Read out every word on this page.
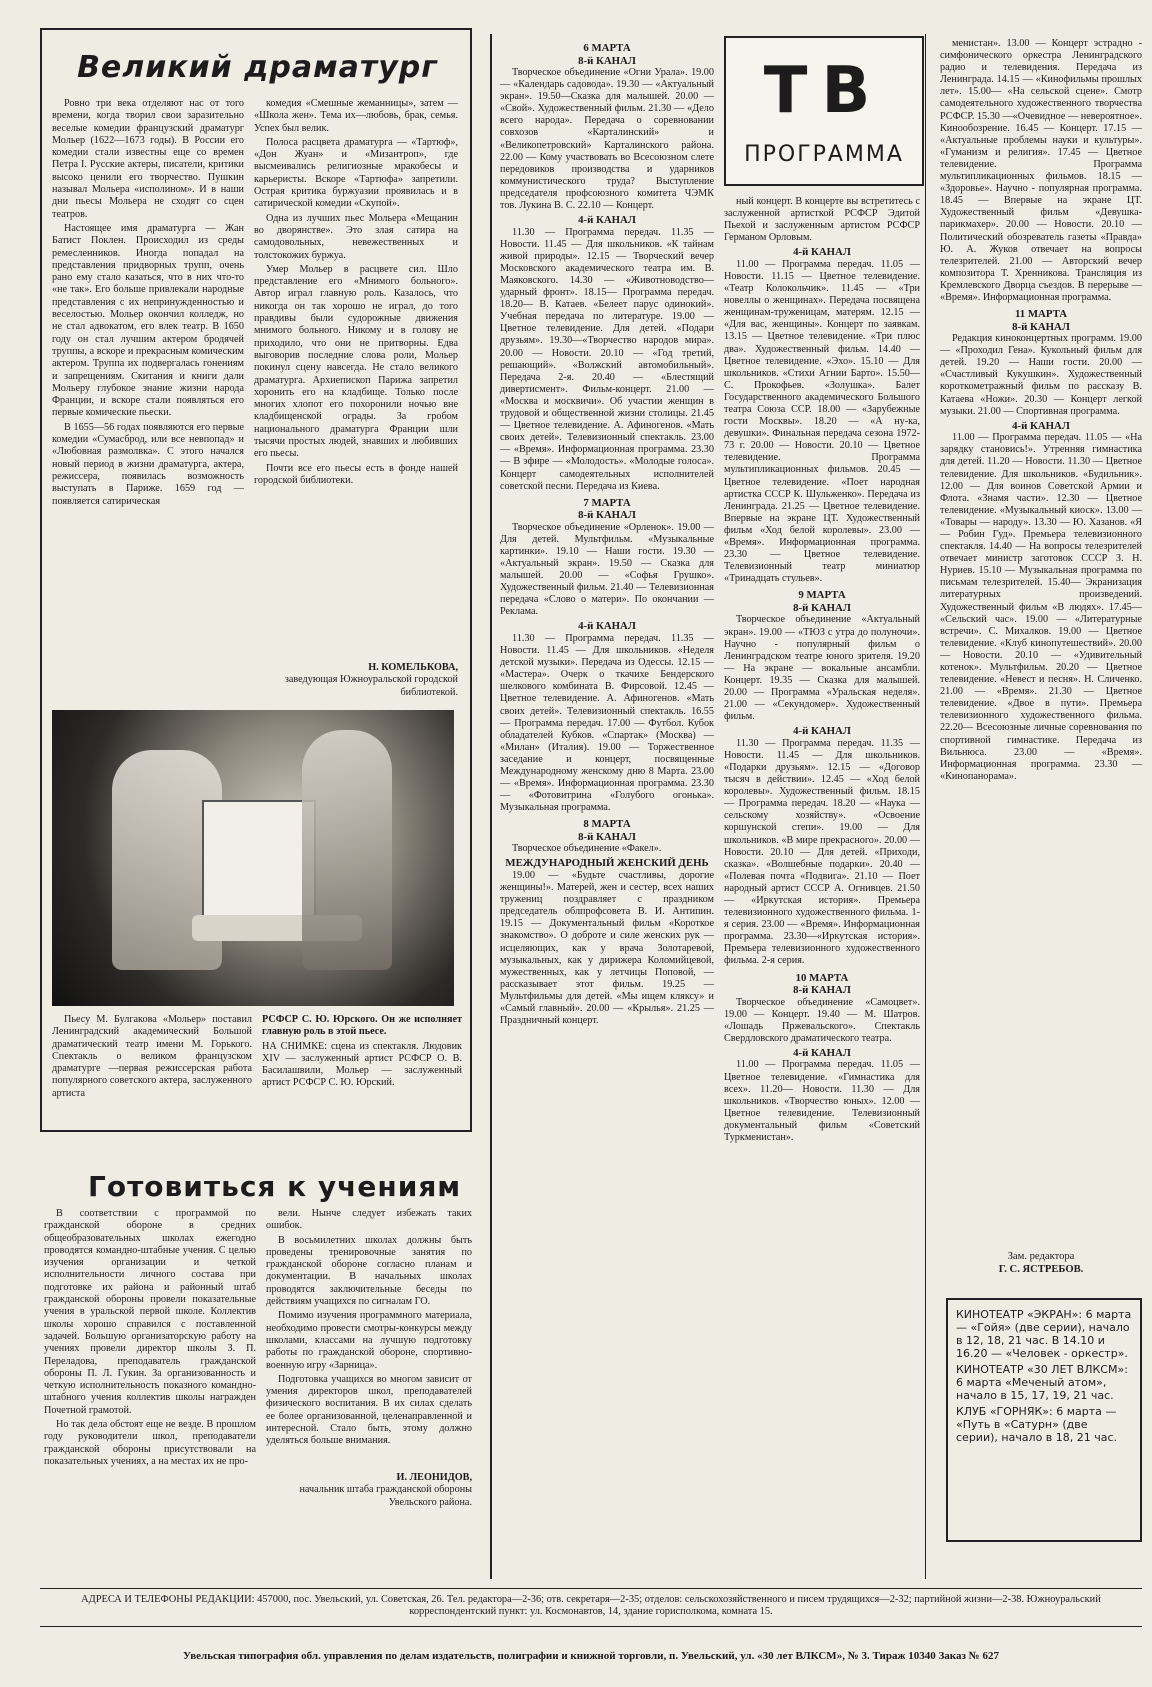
Великий драматург

Ровно три века отделяют нас от того времени, когда творил свои заразительно веселые комедии французский драматург Мольер (1622—1673 годы). В России его комедии стали известны еще со времен Петра I. Русские актеры, писатели, критики высоко ценили его творчество. Пушкин называл Мольера «исполином». И в наши дни пьесы Мольера не сходят со сцен театров.

Настоящее имя драматурга — Жан Батист Поклен. Происходил из среды ремесленников. Иногда попадал на представления придворных трупп, очень рано ему стало казаться, что в них что-то «не так». Его больше привлекали народные представления с их непринужденностью и веселостью. Мольер окончил колледж, но не стал адвокатом, его влек театр. В 1650 году он стал лучшим актером бродячей труппы, а вскоре и прекрасным комическим актером. Труппа их подвергалась гонениям и запрещениям. Скитания и книги дали Мольеру глубокое знание жизни народа Франции, и вскоре стали появляться его первые комические пьески.

В 1655—56 годах появляются его первые комедии «Сумасброд, или все невпопад» и «Любовная размолвка». С этого начался новый период в жизни драматурга, актера, режиссера, появилась возможность выступать в Париже. 1659 год — появляется сатирическая

комедия «Смешные жеманницы», затем — «Школа жен». Тема их—любовь, брак, семья. Успех был велик.

Полоса расцвета драматурга — «Тартюф», «Дон Жуан» и «Мизантроп», где высмеивались религиозные мракобесы и карьеристы. Вскоре «Тартюфа» запретили. Острая критика буржуазии проявилась и в сатирической комедии «Скупой».

Одна из лучших пьес Мольера «Мещанин во дворянстве». Это злая сатира на самодовольных, невежественных и толстокожих буржуа.

Умер Мольер в расцвете сил. Шло представление его «Мнимого больного». Автор играл главную роль. Казалось, что никогда он так хорошо не играл, до того правдивы были судорожные движения мнимого больного. Никому и в голову не приходило, что они не притворны. Едва выговорив последние слова роли, Мольер покинул сцену навсегда. Не стало великого драматурга. Архиепископ Парижа запретил хоронить его на кладбище. Только после многих хлопот его похоронили ночью вне кладбищенской ограды. За гробом национального драматурга Франции шли тысячи простых людей, знавших и любивших его пьесы.

Почти все его пьесы есть в фонде нашей городской библиотеки.

Н. КОМЕЛЬКОВА,
заведующая Южноуральской городской библиотекой.
Пьесу М. Булгакова «Мольер» поставил Ленинградский академический Большой драматический театр имени М. Горького. Спектакль о великом французском драматурге —первая режиссерская работа популярного советского актера, заслуженного артиста
РСФСР С. Ю. Юрского. Он же исполняет главную роль в этой пьесе.
НА СНИМКЕ: сцена из спектакля. Людовик XIV — заслуженный артист РСФСР О. В. Басилашвили, Мольер — заслуженный артист РСФСР С. Ю. Юрский.
Готовиться к учениям

В соответствии с программой по гражданской обороне в средних общеобразовательных школах ежегодно проводятся командно-штабные учения. С целью изучения организации и четкой исполнительности личного состава при подготовке их района и районный штаб гражданской обороны провели показательные учения в уральской первой школе. Коллектив школы хорошо справился с поставленной задачей. Большую организаторскую работу на учениях провели директор школы З. П. Переладова, преподаватель гражданской обороны П. Л. Гукин. За организованность и четкую исполнительность показного командно-штабного учения коллектив школы награжден Почетной грамотой.

Но так дела обстоят еще не везде. В прошлом году руководители школ, преподаватели гражданской обороны присутствовали на показательных учениях, а на местах их не про-

вели. Нынче следует избежать таких ошибок.

В восьмилетних школах должны быть проведены тренировочные занятия по гражданской обороне согласно планам и документации. В начальных школах проводятся заключительные беседы по действиям учащихся по сигналам ГО.

Помимо изучения программного материала, необходимо провести смотры-конкурсы между школами, классами на лучшую подготовку работы по гражданской обороне, спортивно-военную игру «Зарница».

Подготовка учащихся во многом зависит от умения директоров школ, преподавателей физического воспитания. В их силах сделать ее более организованной, целенаправленной и интересной. Стало быть, этому должно уделяться больше внимания.

И. ЛЕОНИДОВ,
начальник штаба гражданской обороны Увельского района.
ТВ
ПРОГРАММА
6 МАРТА
8-й КАНАЛ
Творческое объединение «Огни Урала». 19.00 — «Календарь садовода». 19.30 — «Актуальный экран». 19.50—Сказка для малышей. 20.00 — «Свой». Художественный фильм. 21.30 — «Дело всего народа». Передача о соревновании совхозов «Карталинский» и «Великопетровский» Карталинского района. 22.00 — Кому участвовать во Всесоюзном слете передовиков производства и ударников коммунистического труда? Выступление председателя профсоюзного комитета ЧЭМК тов. Лукина В. С. 22.10 — Концерт.
4-й КАНАЛ
11.30 — Программа передач. 11.35 — Новости. 11.45 — Для школьников. «К тайнам живой природы». 12.15 — Творческий вечер Московского академического театра им. В. Маяковского. 14.30 — «Животноводство—ударный фронт». 18.15— Программа передач. 18.20— В. Катаев. «Белеет парус одинокий». Учебная передача по литературе. 19.00 — Цветное телевидение. Для детей. «Подари друзьям». 19.30—«Творчество народов мира». 20.00 — Новости. 20.10 — «Год третий, решающий». «Волжский автомобильный». Передача 2-я. 20.40 — «Блестящий дивертисмент». Фильм-концерт. 21.00 — «Москва и москвичи». Об участии женщин в трудовой и общественной жизни столицы. 21.45 — Цветное телевидение. А. Афиногенов. «Мать своих детей». Телевизионный спектакль. 23.00 — «Время». Информационная программа. 23.30 — В эфире — «Молодость». «Молодые голоса». Концерт самодеятельных исполнителей советской песни. Передача из Киева.
7 МАРТА
8-й КАНАЛ
Творческое объединение «Орленок». 19.00 — Для детей. Мультфильм. «Музыкальные картинки». 19.10 — Наши гости. 19.30 — «Актуальный экран». 19.50 — Сказка для малышей. 20.00 — «Софья Грушко». Художественный фильм. 21.40 — Телевизионная передача «Слово о матери». По окончании — Реклама.
4-й КАНАЛ
11.30 — Программа передач. 11.35 — Новости. 11.45 — Для школьников. «Неделя детской музыки». Передача из Одессы. 12.15 — «Мастера». Очерк о ткачихе Бендерского шелкового комбината В. Фирсовой. 12.45 — Цветное телевидение. А. Афиногенов. «Мать своих детей». Телевизионный спектакль. 16.55 — Программа передач. 17.00 — Футбол. Кубок обладателей Кубков. «Спартак» (Москва) — «Милан» (Италия). 19.00 — Торжественное заседание и концерт, посвященные Международному женскому дню 8 Марта. 23.00 — «Время». Информационная программа. 23.30 — «Фотовитрина «Голубого огонька». Музыкальная программа.
8 МАРТА
8-й КАНАЛ
Творческое объединение «Факел».
МЕЖДУНАРОДНЫЙ ЖЕНСКИЙ ДЕНЬ
19.00 — «Будьте счастливы, дорогие женщины!». Матерей, жен и сестер, всех наших тружениц поздравляет с праздником председатель облпрофсовета В. И. Антипин. 19.15 — Документальный фильм «Короткое знакомство». О доброте и силе женских рук — исцеляющих, как у врача Золотаревой, музыкальных, как у дирижера Коломийцевой, мужественных, как у летчицы Поповой, — рассказывает этот фильм. 19.25 — Мультфильмы для детей. «Мы ищем кляксу» и «Самый главный». 20.00 — «Крылья». 21.25 — Праздничный концерт.
ный концерт. В концерте вы встретитесь с заслуженной артисткой РСФСР Эдитой Пьехой и заслуженным артистом РСФСР Германом Орловым.
4-й КАНАЛ
11.00 — Программа передач. 11.05 — Новости. 11.15 — Цветное телевидение. «Театр Колокольчик». 11.45 — «Три новеллы о женщинах». Передача посвящена женщинам-труженицам, матерям. 12.15 — «Для вас, женщины». Концерт по заявкам. 13.15 — Цветное телевидение. «Три плюс два». Художественный фильм. 14.40 — Цветное телевидение. «Эхо». 15.10 — Для школьников. «Стихи Агнии Барто». 15.50— С. Прокофьев. «Золушка». Балет Государственного академического Большого театра Союза ССР. 18.00 — «Зарубежные гости Москвы». 18.20 — «А ну-ка, девушки». Финальная передача сезона 1972-73 г. 20.00 — Новости. 20.10 — Цветное телевидение. Программа мультипликационных фильмов. 20.45 — Цветное телевидение. «Поет народная артистка СССР К. Шульженко». Передача из Ленинграда. 21.25 — Цветное телевидение. Впервые на экране ЦТ. Художественный фильм «Ход белой королевы». 23.00 — «Время». Информационная программа. 23.30 — Цветное телевидение. Телевизионный театр миниатюр «Тринадцать стульев».
9 МАРТА
8-й КАНАЛ
Творческое объединение «Актуальный экран». 19.00 — «ТЮЗ с утра до полуночи». Научно - популярный фильм о Ленинградском театре юного зрителя. 19.20 — На экране — вокальные ансамбли. Концерт. 19.35 — Сказка для малышей. 20.00 — Программа «Уральская неделя». 21.00 — «Секундомер». Художественный фильм.
4-й КАНАЛ
11.30 — Программа передач. 11.35 — Новости. 11.45 — Для школьников. «Подарки друзьям». 12.15 — «Договор тысяч в действии». 12.45 — «Ход белой королевы». Художественный фильм. 18.15 — Программа передач. 18.20 — «Наука — сельскому хозяйству». «Освоение коршунской степи». 19.00 — Для школьников. «В мире прекрасного». 20.00 — Новости. 20.10 — Для детей. «Приходи, сказка». «Волшебные подарки». 20.40 — «Полевая почта «Подвига». 21.10 — Поет народный артист СССР А. Огнивцев. 21.50 — «Иркутская история». Премьера телевизионного художественного фильма. 1-я серия. 23.00 — «Время». Информационная программа. 23.30—«Иркутская история». Премьера телевизионного художественного фильма. 2-я серия.
10 МАРТА
8-й КАНАЛ
Творческое объединение «Самоцвет». 19.00 — Концерт. 19.40 — М. Шатров. «Лошадь Пржевальского». Спектакль Свердловского драматического театра.
4-й КАНАЛ
11.00 — Программа передач. 11.05 — Цветное телевидение. «Гимнастика для всех». 11.20— Новости. 11.30 — Для школьников. «Творчество юных». 12.00 — Цветное телевидение. Телевизионный документальный фильм «Советский Туркменистан».
менистан». 13.00 — Концерт эстрадно - симфонического оркестра Ленинградского радио и телевидения. Передача из Ленинграда. 14.15 — «Кинофильмы прошлых лет». 15.00— «На сельской сцене». Смотр самодеятельного художественного творчества РСФСР. 15.30 —«Очевидное — невероятное». Кинообозрение. 16.45 — Концерт. 17.15 — «Актуальные проблемы науки и культуры». «Гуманизм и религия». 17.45 — Цветное телевидение. Программа мультипликационных фильмов. 18.15 — «Здоровье». Научно - популярная программа. 18.45 — Впервые на экране ЦТ. Художественный фильм «Девушка-парикмахер». 20.00 — Новости. 20.10 — Политический обозреватель газеты «Правда» Ю. А. Жуков отвечает на вопросы телезрителей. 21.00 — Авторский вечер композитора Т. Хренникова. Трансляция из Кремлевского Дворца съездов. В перерыве — «Время». Информационная программа.
11 МАРТА
8-й КАНАЛ
Редакция киноконцертных программ. 19.00 — «Проходил Гена». Кукольный фильм для детей. 19.20 — Наши гости. 20.00 — «Счастливый Кукушкин». Художественный короткометражный фильм по рассказу В. Катаева «Ножи». 20.30 — Концерт легкой музыки. 21.00 — Спортивная программа.
4-й КАНАЛ
11.00 — Программа передач. 11.05 — «На зарядку становись!». Утренняя гимнастика для детей. 11.20 — Новости. 11.30 — Цветное телевидение. Для школьников. «Будильник». 12.00 — Для воинов Советской Армии и Флота. «Знамя части». 12.30 — Цветное телевидение. «Музыкальный киоск». 13.00 — «Товары — народу». 13.30 — Ю. Хазанов. «Я — Робин Гуд». Премьера телевизионного спектакля. 14.40 — На вопросы телезрителей отвечает министр заготовок СССР З. Н. Нуриев. 15.10 — Музыкальная программа по письмам телезрителей. 15.40— Экранизация литературных произведений. Художественный фильм «В людях». 17.45— «Сельский час». 19.00 — «Литературные встречи». С. Михалков. 19.00 — Цветное телевидение. «Клуб кинопутешествий». 20.00 — Новости. 20.10 — «Удивительный котенок». Мультфильм. 20.20 — Цветное телевидение. «Невест и песня». Н. Сличенко. 21.00 — «Время». 21.30 — Цветное телевидение. «Двое в пути». Премьера телевизионного художественного фильма. 22.20— Всесоюзные личные соревнования по спортивной гимнастике. Передача из Вильнюса. 23.00 — «Время». Информационная программа. 23.30 — «Кинопанорама».
Зам. редактора
Г. С. ЯСТРЕБОВ.

КИНОТЕАТР «ЭКРАН»: 6 марта — «Гойя» (две серии), начало в 12, 18, 21 час. В 14.10 и 16.20 — «Человек - оркестр».

КИНОТЕАТР «30 ЛЕТ ВЛКСМ»: 6 марта «Меченый атом», начало в 15, 17, 19, 21 час.

КЛУБ «ГОРНЯК»: 6 марта — «Путь в «Сатурн» (две серии), начало в 18, 21 час.

АДРЕСА И ТЕЛЕФОНЫ РЕДАКЦИИ: 457000, пос. Увельский, ул. Советская, 26. Тел. редактора—2-36; отв. секретаря—2-35; отделов: сельскохозяйственного и писем трудящихся—2-32; партийной жизни—2-38. Южноуральский корреспондентский пункт: ул. Космонавтов, 14, здание горисполкома, комната 15.
Увельская типография обл. управления по делам издательств, полиграфии и книжной торговли, п. Увельский, ул. «30 лет ВЛКСМ», № 3. Тираж 10340 Заказ № 627
